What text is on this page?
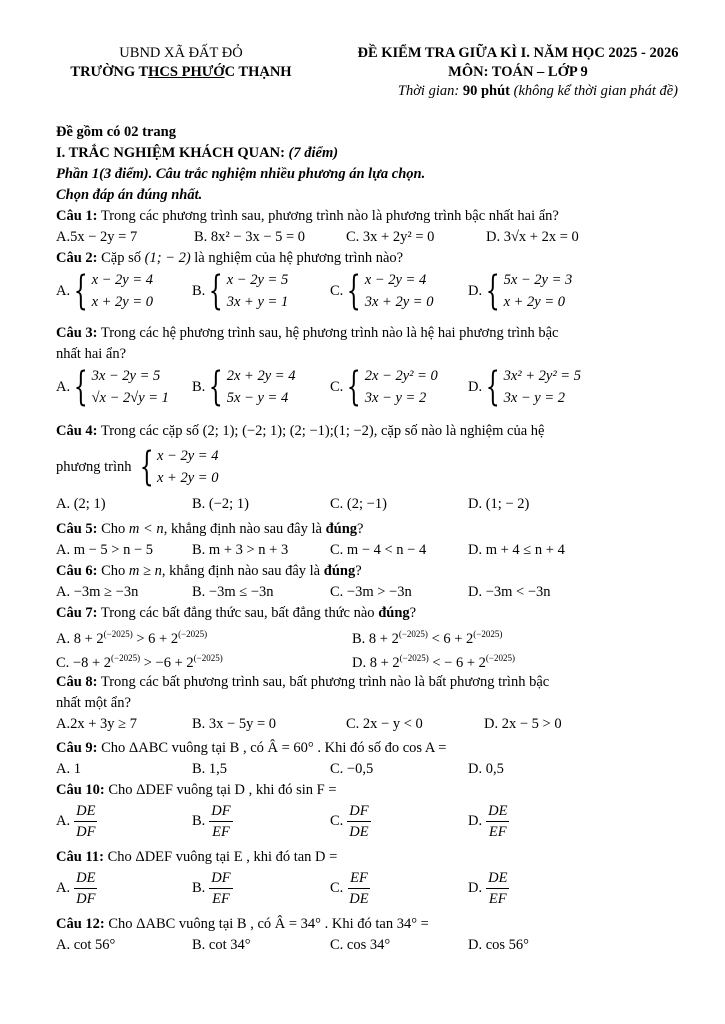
UBND XÃ ĐẤT ĐỎ
TRƯỜNG THCS PHƯỚC THẠNH
ĐỀ KIỂM TRA GIỮA KÌ I. NĂM HỌC 2025 - 2026
MÔN: TOÁN – LỚP 9
Thời gian: 90 phút (không kể thời gian phát đề)
Đề gồm có 02 trang
I. TRẮC NGHIỆM KHÁCH QUAN: (7 điểm)
Phần 1(3 điểm). Câu trắc nghiệm nhiều phương án lựa chọn.
Chọn đáp án đúng nhất.
Câu 1: Trong các phương trình sau, phương trình nào là phương trình bậc nhất hai ẩn?
A.5x − 2y = 7	B. 8x² − 3x − 5 = 0	C. 3x + 2y² = 0	D. 3√x + 2x = 0
Câu 2: Cặp số (1; − 2) là nghiệm của hệ phương trình nào?
A. { x − 2y = 4
x + 2y = 0
B. { x − 2y = 5
3x + y = 1
C. { x − 2y = 4
3x + 2y = 0
D. { 5x − 2y = 3
x + 2y = 0
Câu 3: Trong các hệ phương trình sau, hệ phương trình nào là hệ hai phương trình bậc
nhất hai ẩn?
A. { 3x − 2y = 5
√x − 2√y = 1
B. { 2x + 2y = 4
5x − y = 4
C. { 2x − 2y² = 0
3x − y = 2
D. { 3x² + 2y² = 5
3x − y = 2
Câu 4: Trong các cặp số (2; 1); (−2; 1); (2; −1);(1; −2), cặp số nào là nghiệm của hệ
phương trình { x − 2y = 4
x + 2y = 0
A. (2; 1)	B. (−2; 1)	C. (2; −1)	D. (1; − 2)
Câu 5: Cho m < n, khẳng định nào sau đây là đúng?
A. m − 5 > n − 5	B. m + 3 > n + 3	C. m − 4 < n − 4	D. m + 4 ≤ n + 4
Câu 6: Cho m ≥ n, khẳng định nào sau đây là đúng?
A. −3m ≥ −3n	B. −3m ≤ −3n	C. −3m > −3n	D. −3m < −3n
Câu 7: Trong các bất đẳng thức sau, bất đẳng thức nào đúng?
A. $8 + 2^{(-2025)} > 6 + 2^{(-2025)}$	B. $8 + 2^{(-2025)} < 6 + 2^{(-2025)}$
C. $-8 + 2^{(-2025)} > -6 + 2^{(-2025)}$	D. $8 + 2^{(-2025)}$ < − $6 + 2^{(-2025)}$
Câu 8: Trong các bất phương trình sau, bất phương trình nào là bất phương trình bậc
nhất một ẩn?
A.2x + 3y ≥ 7	B. 3x − 5y = 0	C. 2x − y < 0	D. 2x − 5 > 0
Câu 9: Cho ΔABC vuông tại B , có Â = 60° . Khi đó số đo cos A =
A. 1	B. 1,5	C. −0,5	D. 0,5
Câu 10: Cho ΔDEF vuông tại D , khi đó sin F =
A. $\frac{DE}{DF}$	B. $\frac{DF}{EF}$	C. $\frac{DF}{DE}$	D. $\frac{DE}{EF}$
Câu 11: Cho ΔDEF vuông tại E , khi đó tan D =
A. $\frac{DE}{DF}$	B. $\frac{DF}{EF}$	C. $\frac{EF}{DE}$	D. $\frac{DE}{EF}$
Câu 12: Cho ΔABC vuông tại B , có Â = 34° . Khi đó tan 34° =
A. cot 56°	B. cot 34°	C. cos 34°	D. cos 56°
